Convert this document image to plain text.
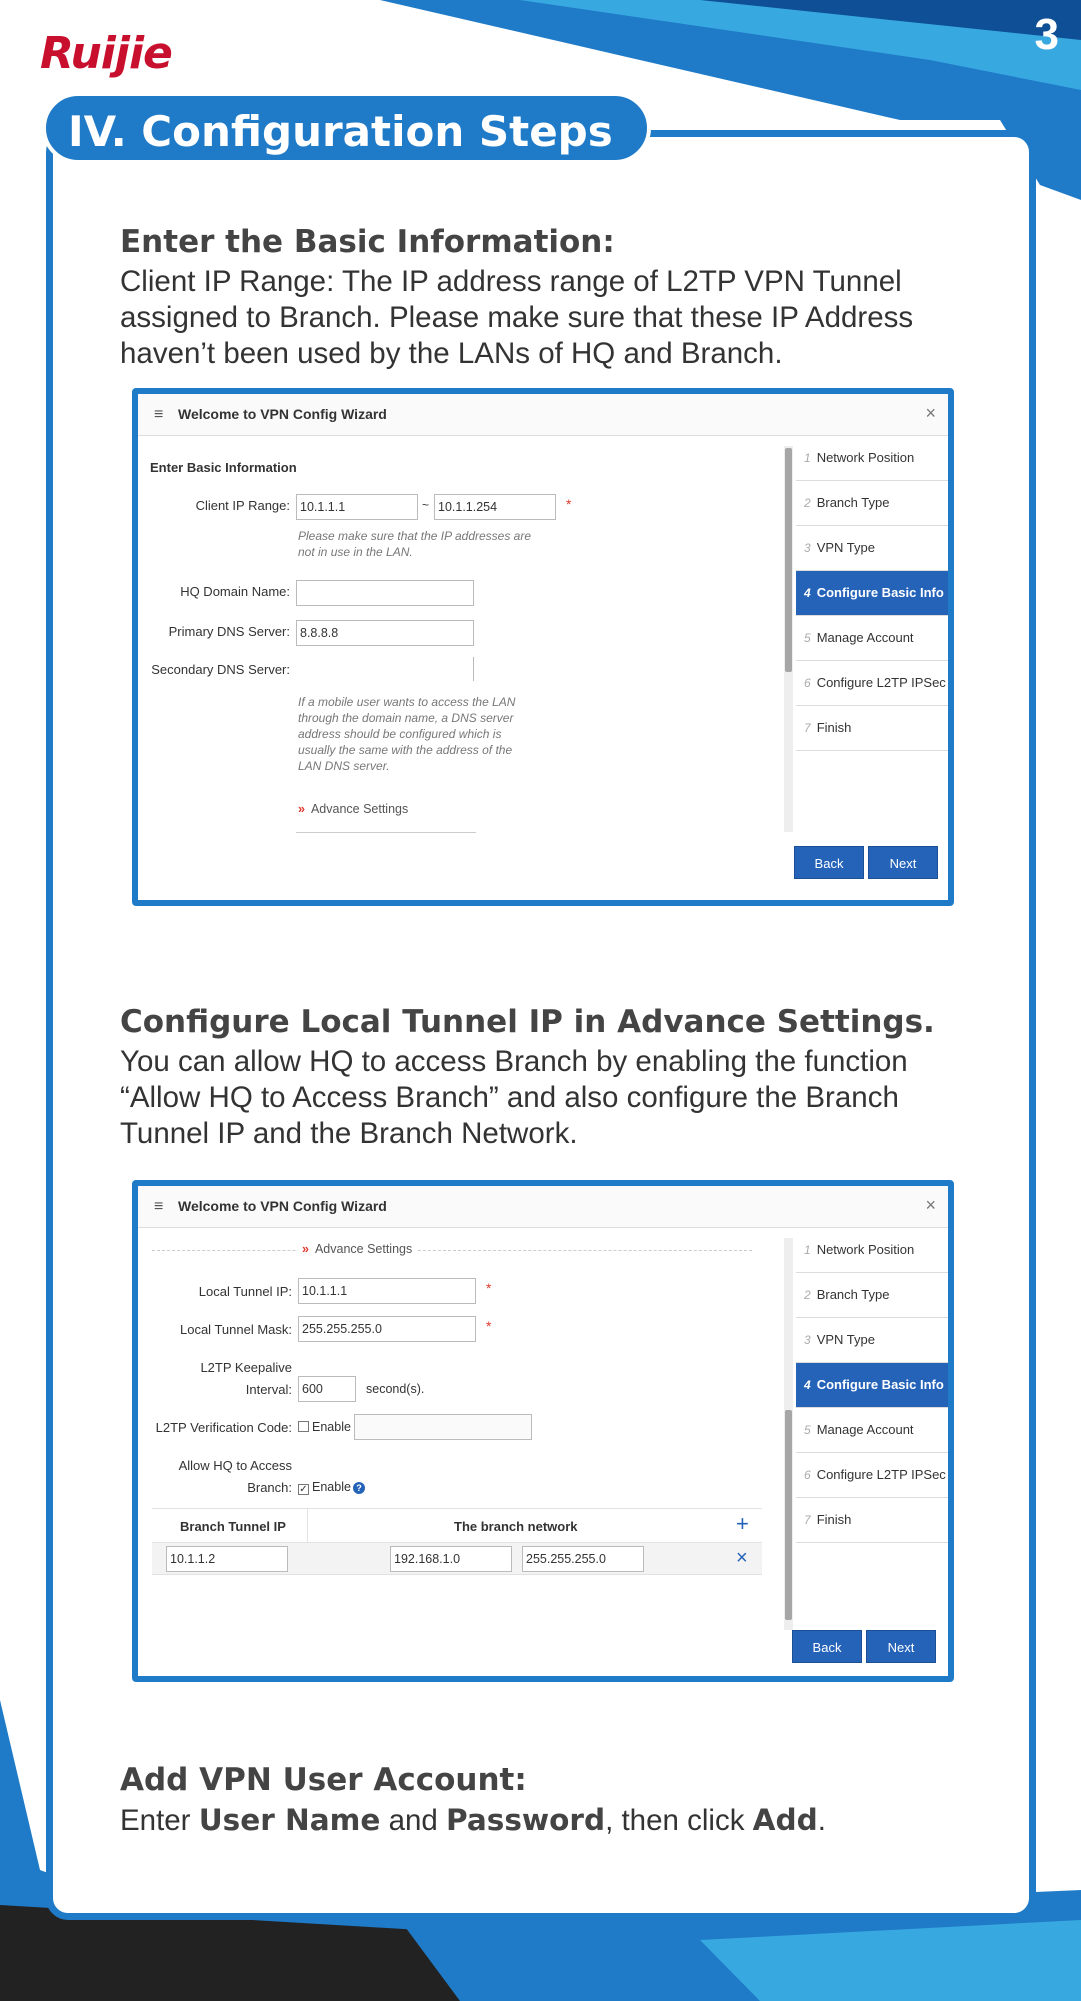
Ruijie	3
IV. Configuration Steps
Enter the Basic Information:
Client IP Range: The IP address range of L2TP VPN Tunnel
assigned to Branch. Please make sure that these IP Address
haven’t been used by the LANs of HQ and Branch.
≡ Welcome to VPN Config Wizard	×
Enter Basic Information
Client IP Range: 10.1.1.1	~ 10.1.1.254	*
Please make sure that the IP addresses are
not in use in the LAN.
HQ Domain Name:
Primary DNS Server: 8.8.8.8
Secondary DNS Server:
If a mobile user wants to access the LAN
through the domain name, a DNS server
address should be configured which is
usually the same with the address of the
LAN DNS server.
» Advance Settings
1 Network Position
2 Branch Type
3 VPN Type
4 Configure Basic Info
5 Manage Account
6 Configure L2TP IPSec
7 Finish
Back	Next
Configure Local Tunnel IP in Advance Settings.
You can allow HQ to access Branch by enabling the function
“Allow HQ to Access Branch” and also configure the Branch
Tunnel IP and the Branch Network.
≡ Welcome to VPN Config Wizard	×
» Advance Settings
Local Tunnel IP: 10.1.1.1	*
Local Tunnel Mask: 255.255.255.0	*
L2TP Keepalive
Interval: 600	second(s).
L2TP Verification Code:	Enable
Allow HQ to Access
Branch: ✓ Enable ?
Branch Tunnel IP	The branch network	+
10.1.1.2	192.168.1.0	255.255.255.0	×
1 Network Position
2 Branch Type
3 VPN Type
4 Configure Basic Info
5 Manage Account
6 Configure L2TP IPSec
7 Finish
Back	Next
Add VPN User Account:
Enter User Name and Password, then click Add.
